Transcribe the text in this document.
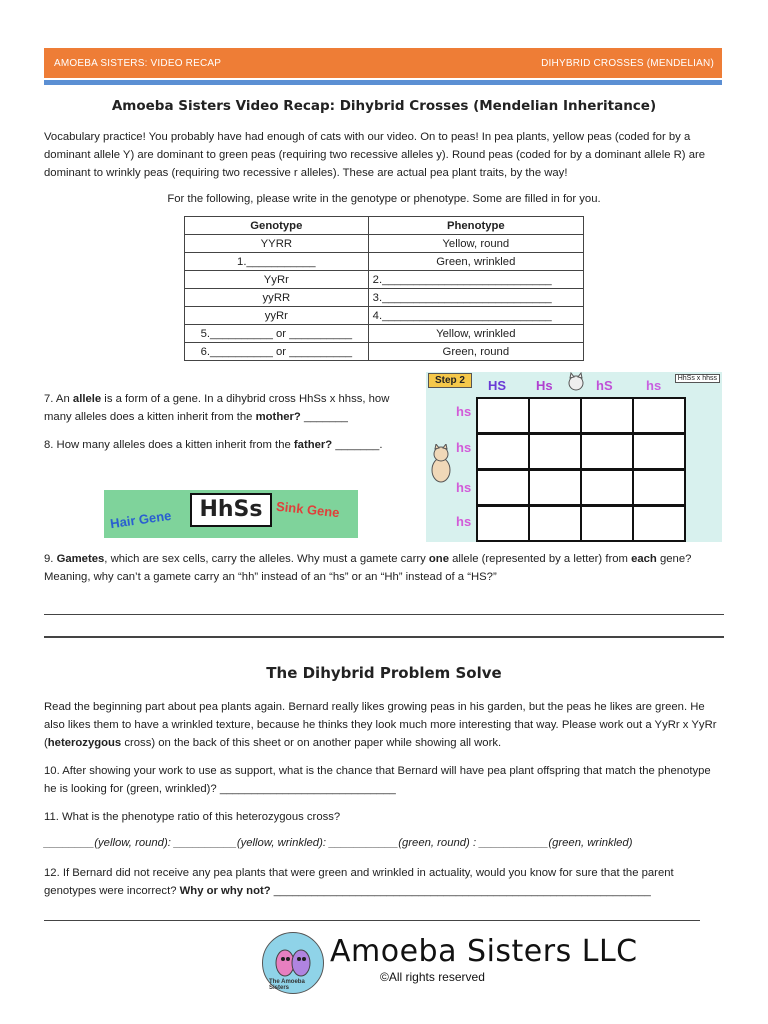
AMOEBA SISTERS: VIDEO RECAP	DIHYBRID CROSSES (MENDELIAN)
Amoeba Sisters Video Recap: Dihybrid Crosses (Mendelian Inheritance)
Vocabulary practice! You probably have had enough of cats with our video. On to peas! In pea plants, yellow peas (coded for by a dominant allele Y) are dominant to green peas (requiring two recessive alleles y). Round peas (coded for by a dominant allele R) are dominant to wrinkly peas (requiring two recessive r alleles). These are actual pea plant traits, by the way!
For the following, please write in the genotype or phenotype. Some are filled in for you.
Genotype	Phenotype
YYRR	Yellow, round
1.___________	Green, wrinkled
YyRr	2.___________________________
yyRR	3.___________________________
yyRr	4.___________________________
5.__________ or __________	Yellow, wrinkled
6.__________ or __________	Green, round
7. An allele is a form of a gene. In a dihybrid cross HhSs x hhss, how many alleles does a kitten inherit from the mother? _______
8. How many alleles does a kitten inherit from the father? _______.
Step 2	HhSs x hhss
HS Hs	hS	hs
hs
hs
hs
hs
Hair Gene	HhSs Sink Gene
9. Gametes, which are sex cells, carry the alleles. Why must a gamete carry one allele (represented by a letter) from each gene? Meaning, why can’t a gamete carry an “hh” instead of an “hs” or an “Hh” instead of a “HS?”
The Dihybrid Problem Solve
Read the beginning part about pea plants again. Bernard really likes growing peas in his garden, but the peas he likes are green. He also likes them to have a wrinkled texture, because he thinks they look much more interesting that way. Please work out a YyRr x YyRr (heterozygous cross) on the back of this sheet or on another paper while showing all work.
10. After showing your work to use as support, what is the chance that Bernard will have pea plant offspring that match the phenotype he is looking for (green, wrinkled)? ____________________________
11. What is the phenotype ratio of this heterozygous cross?
________(yellow, round): __________(yellow, wrinkled): ___________(green, round) : ___________(green, wrinkled)
12. If Bernard did not receive any pea plants that were green and wrinkled in actuality, would you know for sure that the parent genotypes were incorrect? Why or why not? ____________________________________________________________
The Amoeba Sisters
Amoeba Sisters LLC
©All rights reserved
